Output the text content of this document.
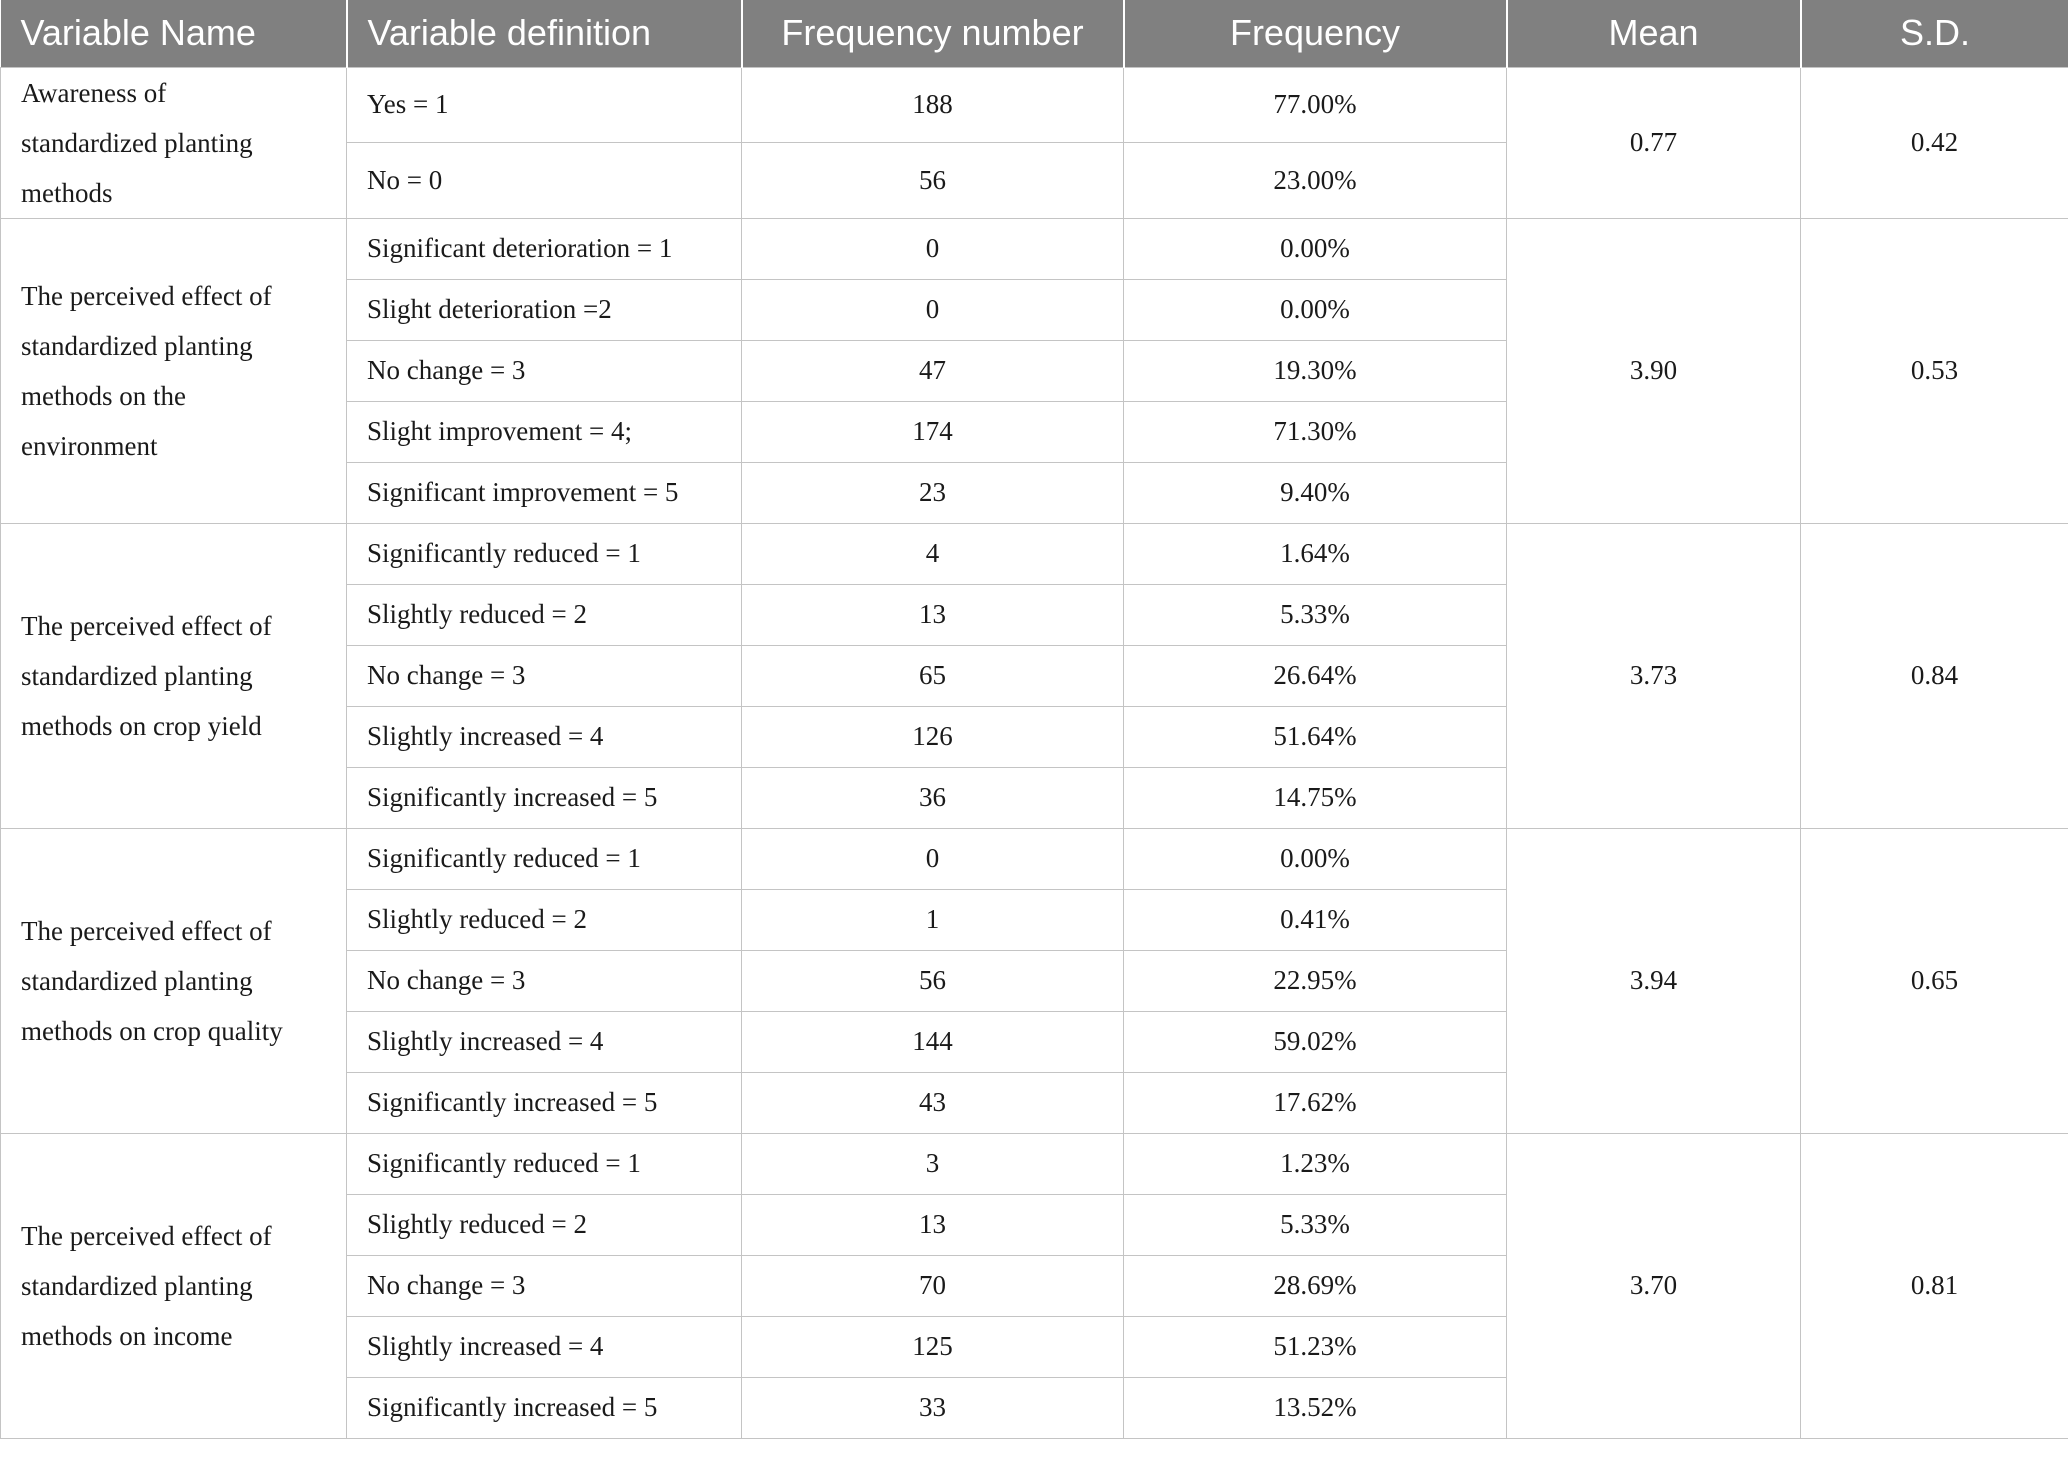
Variable Name	Variable definition	Frequency number	Frequency	Mean	S.D.
Awareness of
standardized planting
methods	Yes = 1	188	77.00%	0.77	0.42
	No = 0	56	23.00%		
The perceived effect of
standardized planting
methods on the
environment	Significant deterioration = 1	0	0.00%	3.90	0.53
	Slight deterioration =2	0	0.00%		
	No change = 3	47	19.30%		
	Slight improvement = 4;	174	71.30%		
	Significant improvement = 5	23	9.40%		
The perceived effect of
standardized planting
methods on crop yield	Significantly reduced = 1	4	1.64%	3.73	0.84
	Slightly reduced = 2	13	5.33%		
	No change = 3	65	26.64%		
	Slightly increased = 4	126	51.64%		
	Significantly increased = 5	36	14.75%		
The perceived effect of
standardized planting
methods on crop quality	Significantly reduced = 1	0	0.00%	3.94	0.65
	Slightly reduced = 2	1	0.41%		
	No change = 3	56	22.95%		
	Slightly increased = 4	144	59.02%		
	Significantly increased = 5	43	17.62%		
The perceived effect of
standardized planting
methods on income	Significantly reduced = 1	3	1.23%	3.70	0.81
	Slightly reduced = 2	13	5.33%		
	No change = 3	70	28.69%		
	Slightly increased = 4	125	51.23%		
	Significantly increased = 5	33	13.52%		
